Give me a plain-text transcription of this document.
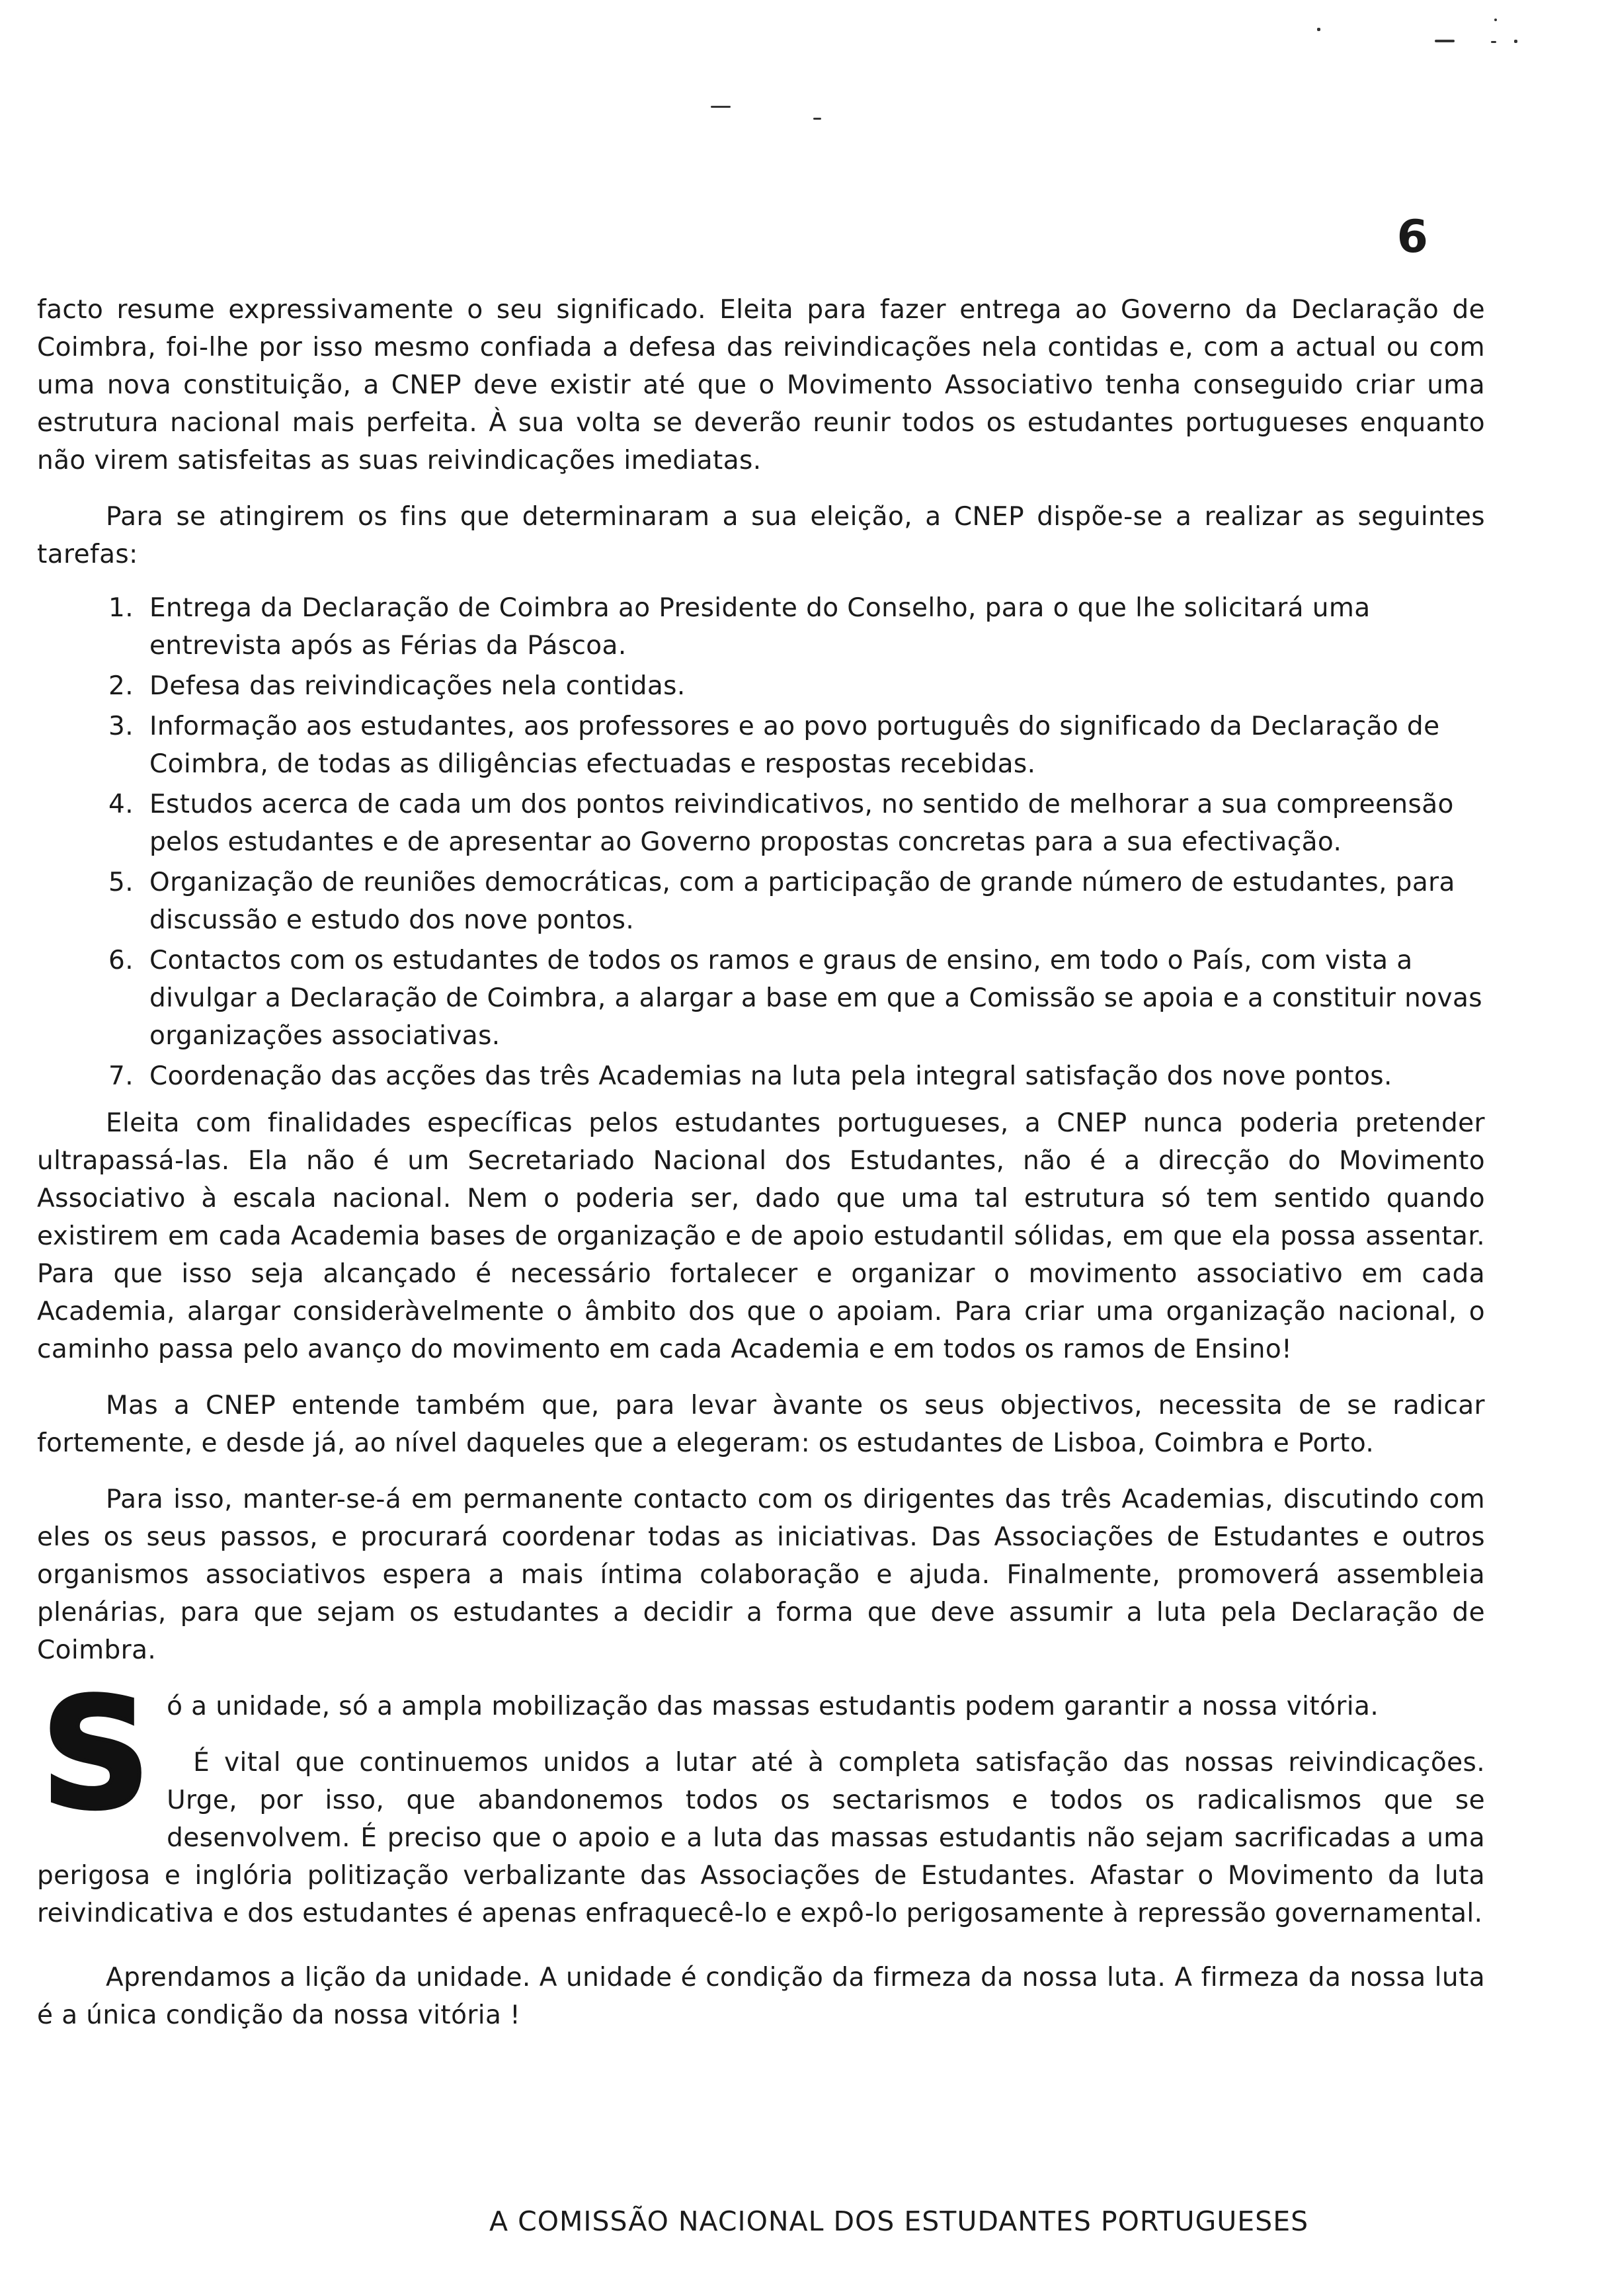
6

facto resume expressivamente o seu significado. Eleita para fazer entrega ao Governo da Declaração de Coimbra, foi-lhe por isso mesmo confiada a defesa das reivindicações nela contidas e, com a actual ou com uma nova constituição, a CNEP deve existir até que o Movimento Associativo tenha conseguido criar uma estrutura nacional mais perfeita. À sua volta se deverão reunir todos os estudantes portugueses enquanto não virem satisfeitas as suas reivindicações imediatas.

Para se atingirem os fins que determinaram a sua eleição, a CNEP dispõe-se a realizar as seguintes tarefas:

1. Entrega da Declaração de Coimbra ao Presidente do Conselho, para o que lhe solicitará uma entrevista após as Férias da Páscoa.
2. Defesa das reivindicações nela contidas.
3. Informação aos estudantes, aos professores e ao povo português do significado da Declaração de Coimbra, de todas as diligências efectuadas e respostas recebidas.
4. Estudos acerca de cada um dos pontos reivindicativos, no sentido de melhorar a sua compreensão pelos estudantes e de apresentar ao Governo propostas concretas para a sua efectivação.
5. Organização de reuniões democráticas, com a participação de grande número de estudantes, para discussão e estudo dos nove pontos.
6. Contactos com os estudantes de todos os ramos e graus de ensino, em todo o País, com vista a divulgar a Declaração de Coimbra, a alargar a base em que a Comissão se apoia e a constituir novas organizações associativas.
7. Coordenação das acções das três Academias na luta pela integral satisfação dos nove pontos.

Eleita com finalidades específicas pelos estudantes portugueses, a CNEP nunca poderia pretender ultrapassá-las. Ela não é um Secretariado Nacional dos Estudantes, não é a direcção do Movimento Associativo à escala nacional. Nem o poderia ser, dado que uma tal estrutura só tem sentido quando existirem em cada Academia bases de organização e de apoio estudantil sólidas, em que ela possa assentar. Para que isso seja alcançado é necessário fortalecer e organizar o movimento associativo em cada Academia, alargar consideràvelmente o âmbito dos que o apoiam. Para criar uma organização nacional, o caminho passa pelo avanço do movimento em cada Academia e em todos os ramos de Ensino!

Mas a CNEP entende também que, para levar àvante os seus objectivos, necessita de se radicar fortemente, e desde já, ao nível daqueles que a elegeram: os estudantes de Lisboa, Coimbra e Porto.

Para isso, manter-se-á em permanente contacto com os dirigentes das três Academias, discutindo com eles os seus passos, e procurará coordenar todas as iniciativas. Das Associações de Estudantes e outros organismos associativos espera a mais íntima colaboração e ajuda. Finalmente, promoverá assembleia plenárias, para que sejam os estudantes a decidir a forma que deve assumir a luta pela Declaração de Coimbra.

S ó a unidade, só a ampla mobilização das massas estudantis podem garantir a nossa vitória.

É vital que continuemos unidos a lutar até à completa satisfação das nossas reivindicações. Urge, por isso, que abandonemos todos os sectarismos e todos os radicalismos que se desenvolvem. É preciso que o apoio e a luta das massas estudantis não sejam sacrificadas a uma perigosa e inglória politização verbalizante das Associações de Estudantes. Afastar o Movimento da luta reivindicativa e dos estudantes é apenas enfraquecê-lo e expô-lo perigosamente à repressão governamental.

Aprendamos a lição da unidade. A unidade é condição da firmeza da nossa luta. A firmeza da nossa luta é a única condição da nossa vitória !

A COMISSÃO NACIONAL DOS ESTUDANTES PORTUGUESES
